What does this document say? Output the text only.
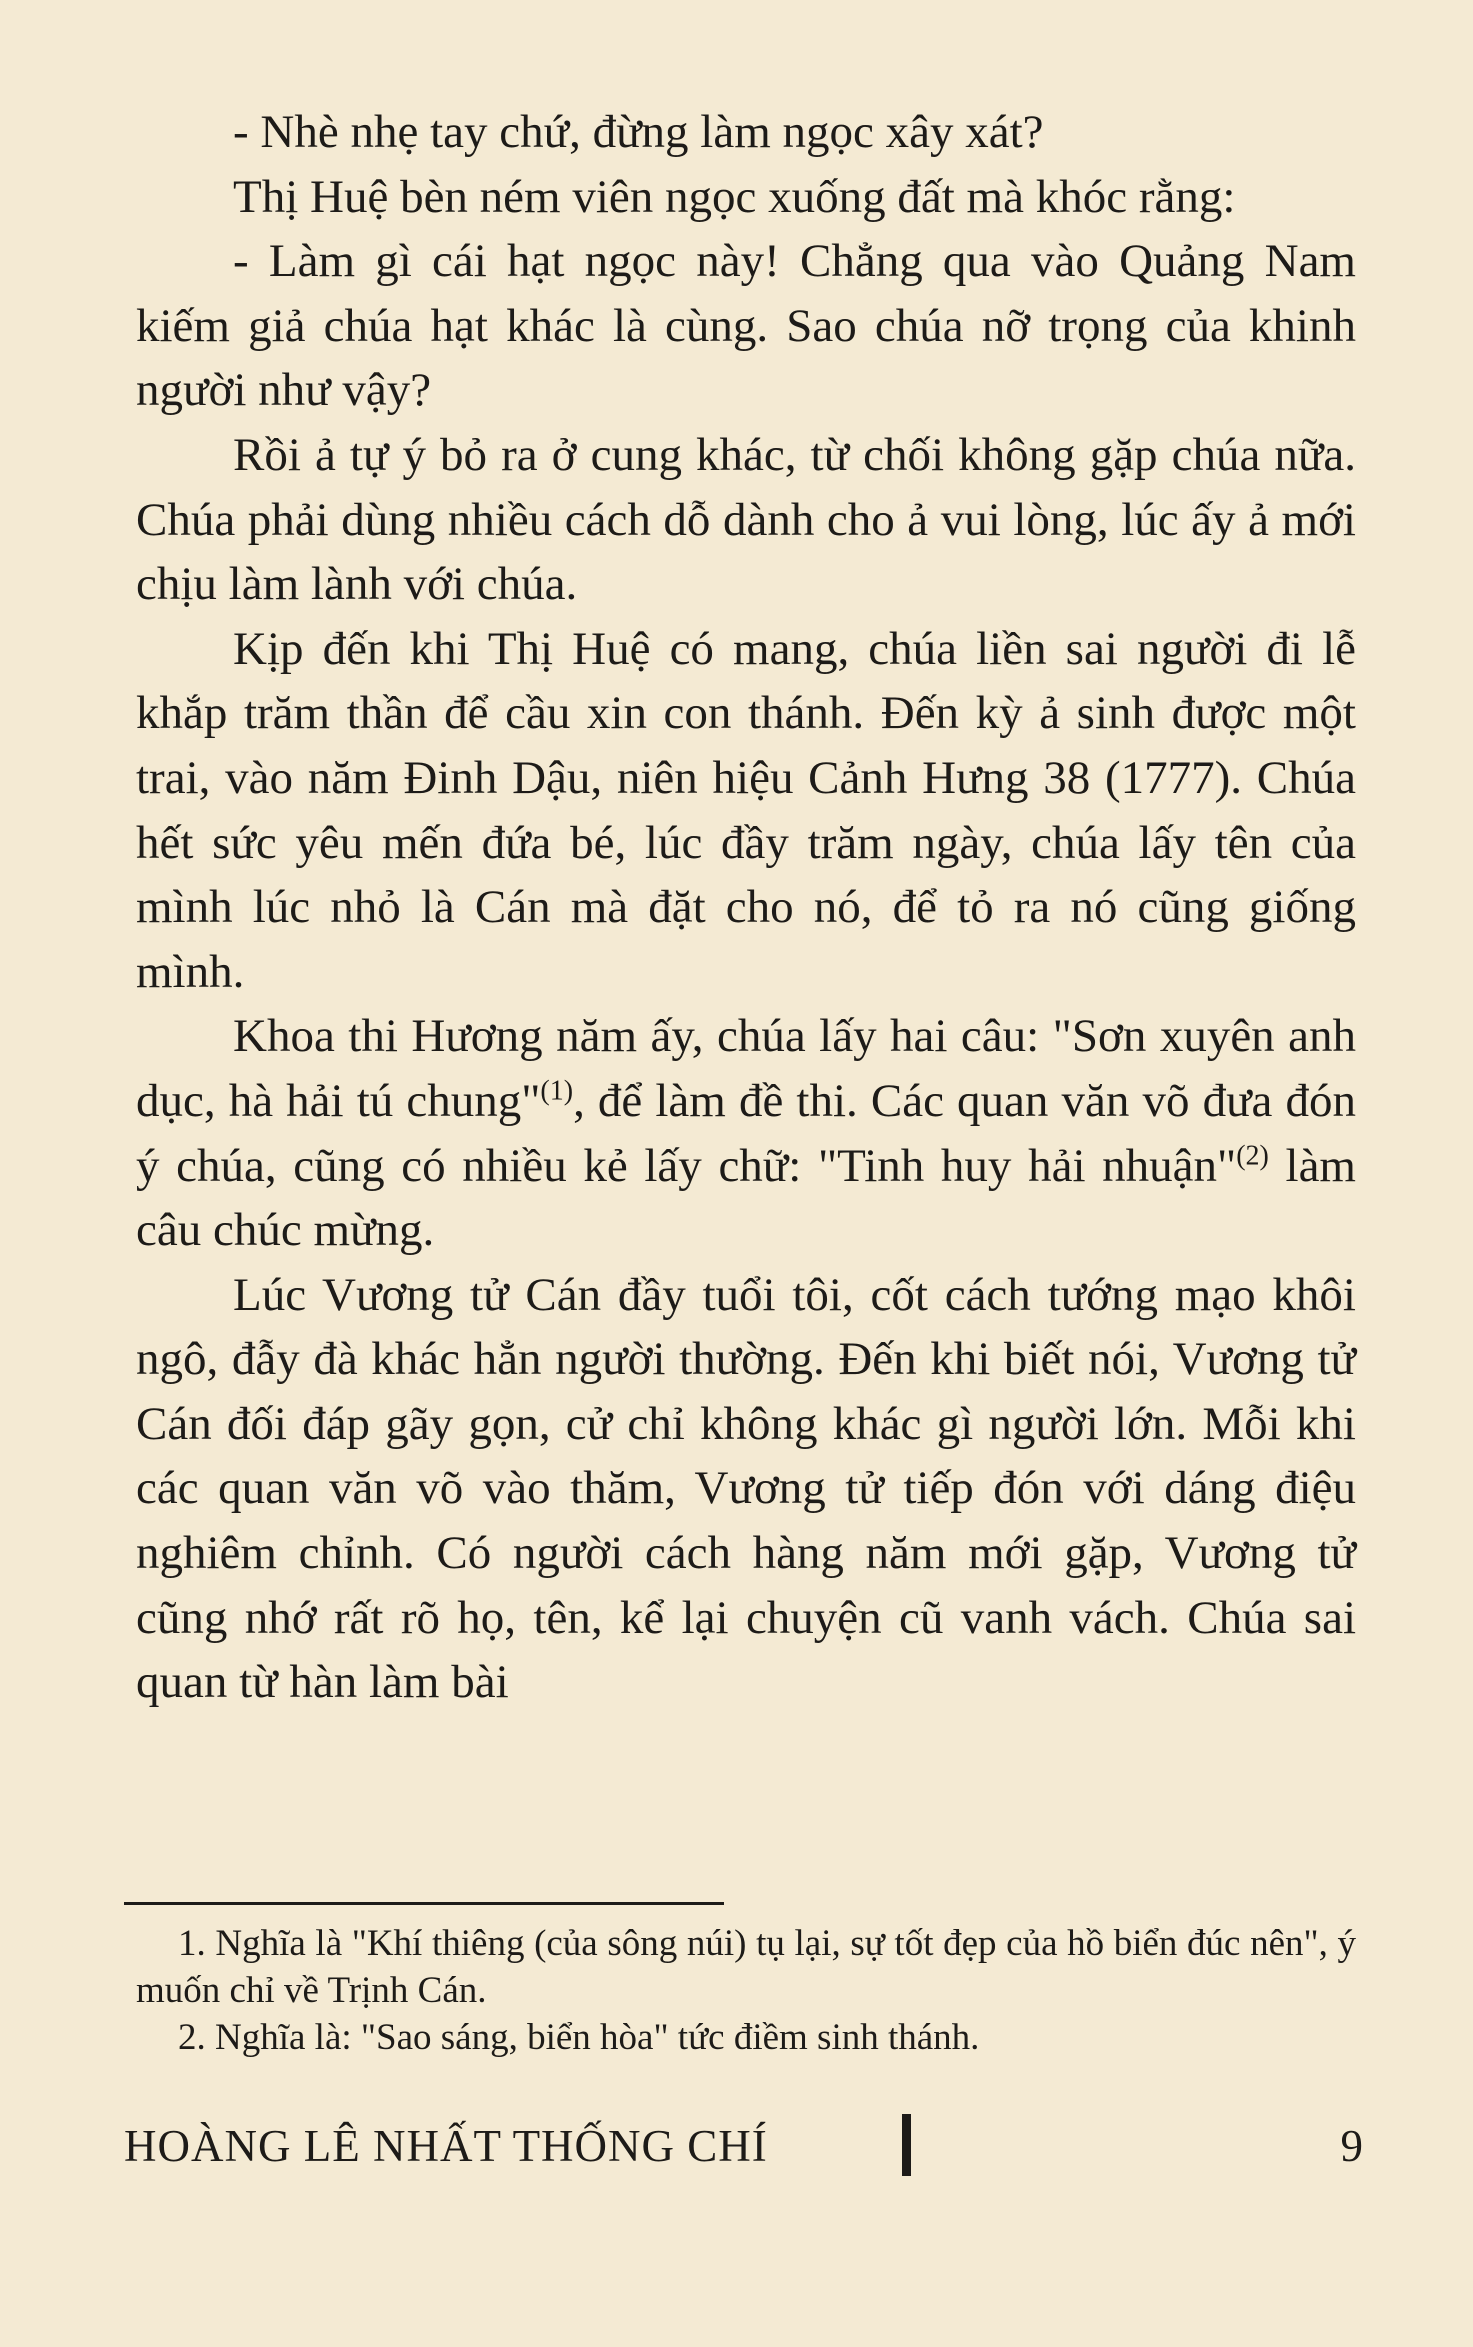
- Nhè nhẹ tay chứ, đừng làm ngọc xây xát?

Thị Huệ bèn ném viên ngọc xuống đất mà khóc rằng:

- Làm gì cái hạt ngọc này! Chẳng qua vào Quảng Nam kiếm giả chúa hạt khác là cùng. Sao chúa nỡ trọng của khinh người như vậy?

Rồi ả tự ý bỏ ra ở cung khác, từ chối không gặp chúa nữa. Chúa phải dùng nhiều cách dỗ dành cho ả vui lòng, lúc ấy ả mới chịu làm lành với chúa.

Kịp đến khi Thị Huệ có mang, chúa liền sai người đi lễ khắp trăm thần để cầu xin con thánh. Đến kỳ ả sinh được một trai, vào năm Đinh Dậu, niên hiệu Cảnh Hưng 38 (1777). Chúa hết sức yêu mến đứa bé, lúc đầy trăm ngày, chúa lấy tên của mình lúc nhỏ là Cán mà đặt cho nó, để tỏ ra nó cũng giống mình.

Khoa thi Hương năm ấy, chúa lấy hai câu: "Sơn xuyên anh dục, hà hải tú chung"$^{(1)}$, để làm đề thi. Các quan văn võ đưa đón ý chúa, cũng có nhiều kẻ lấy chữ: "Tinh huy hải nhuận"$^{(2)}$ làm câu chúc mừng.

Lúc Vương tử Cán đầy tuổi tôi, cốt cách tướng mạo khôi ngô, đẫy đà khác hẳn người thường. Đến khi biết nói, Vương tử Cán đối đáp gãy gọn, cử chỉ không khác gì người lớn. Mỗi khi các quan văn võ vào thăm, Vương tử tiếp đón với dáng điệu nghiêm chỉnh. Có người cách hàng năm mới gặp, Vương tử cũng nhớ rất rõ họ, tên, kể lại chuyện cũ vanh vách. Chúa sai quan từ hàn làm bài

1. Nghĩa là "Khí thiêng (của sông núi) tụ lại, sự tốt đẹp của hồ biển đúc nên", ý muốn chỉ về Trịnh Cán.

2. Nghĩa là: "Sao sáng, biển hòa" tức điềm sinh thánh.

HOÀNG LÊ NHẤT THỐNG CHÍ	9
